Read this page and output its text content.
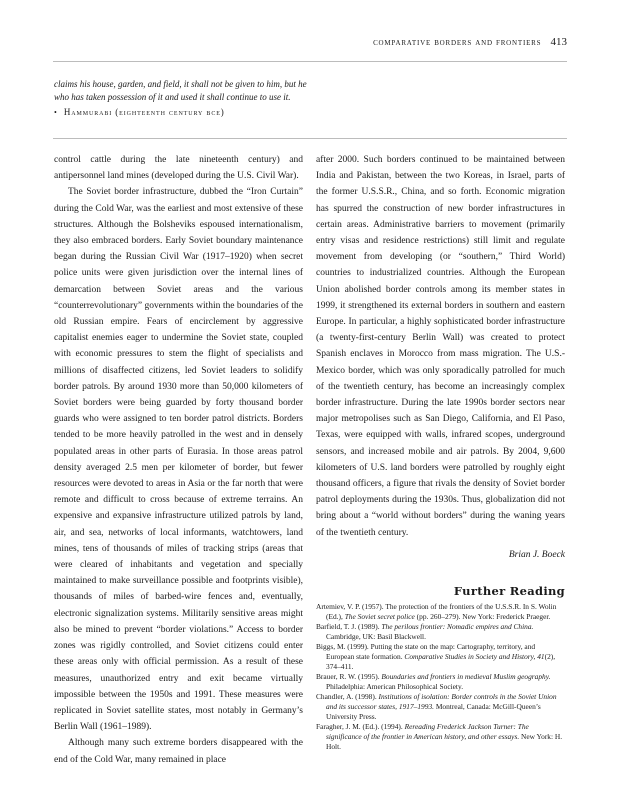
comparative borders and frontiers 413
claims his house, garden, and field, it shall not be given to him, but he
who has taken possession of it and used it shall continue to use it.
• Hammurabi (eighteenth century bce)

control cattle during the late nineteenth century) and antipersonnel land mines (developed during the U.S. Civil War).

The Soviet border infrastructure, dubbed the “Iron Curtain” during the Cold War, was the earliest and most extensive of these structures. Although the Bolsheviks espoused internationalism, they also embraced borders. Early Soviet boundary maintenance began during the Russian Civil War (1917–1920) when secret police units were given jurisdiction over the internal lines of demarcation between Soviet areas and the various “counterrevolutionary” governments within the boundaries of the old Russian empire. Fears of encirclement by aggressive capitalist enemies eager to undermine the Soviet state, coupled with economic pressures to stem the flight of specialists and millions of disaffected citizens, led Soviet leaders to solidify border patrols. By around 1930 more than 50,000 kilometers of Soviet borders were being guarded by forty thousand border guards who were assigned to ten border patrol districts. Borders tended to be more heavily patrolled in the west and in densely populated areas in other parts of Eurasia. In those areas patrol density averaged 2.5 men per kilometer of border, but fewer resources were devoted to areas in Asia or the far north that were remote and difficult to cross because of extreme terrains. An expensive and expansive infrastructure utilized patrols by land, air, and sea, networks of local informants, watchtowers, land mines, tens of thousands of miles of tracking strips (areas that were cleared of inhabitants and vegetation and specially maintained to make surveillance possible and footprints visible), thousands of miles of barbed-wire fences and, eventually, electronic signalization systems. Militarily sensitive areas might also be mined to prevent “border violations.” Access to border zones was rigidly controlled, and Soviet citizens could enter these areas only with official permission. As a result of these measures, unauthorized entry and exit became virtually impossible between the 1950s and 1991. These measures were replicated in Soviet satellite states, most notably in Germany’s Berlin Wall (1961–1989).

Although many such extreme borders disappeared with the end of the Cold War, many remained in place

after 2000. Such borders continued to be maintained between India and Pakistan, between the two Koreas, in Israel, parts of the former U.S.S.R., China, and so forth. Economic migration has spurred the construction of new border infrastructures in certain areas. Administrative barriers to movement (primarily entry visas and residence restrictions) still limit and regulate movement from developing (or “southern,” Third World) countries to industrialized countries. Although the European Union abolished border controls among its member states in 1999, it strengthened its external borders in southern and eastern Europe. In particular, a highly sophisticated border infrastructure (a twenty-first-century Berlin Wall) was created to protect Spanish enclaves in Morocco from mass migration. The U.S.-Mexico border, which was only sporadically patrolled for much of the twentieth century, has become an increasingly complex border infrastructure. During the late 1990s border sectors near major metropolises such as San Diego, California, and El Paso, Texas, were equipped with walls, infrared scopes, underground sensors, and increased mobile and air patrols. By 2004, 9,600 kilometers of U.S. land borders were patrolled by roughly eight thousand officers, a figure that rivals the density of Soviet border patrol deployments during the 1930s. Thus, globalization did not bring about a “world without borders” during the waning years of the twentieth century.

Brian J. Boeck
Further Reading

Artemiev, V. P. (1957). The protection of the frontiers of the U.S.S.R. In S. Wolin (Ed.), The Soviet secret police (pp. 260–279). New York: Frederick Praeger.

Barfield, T. J. (1989). The perilous frontier: Nomadic empires and China. Cambridge, UK: Basil Blackwell.

Biggs, M. (1999). Putting the state on the map: Cartography, territory, and European state formation. Comparative Studies in Society and History, 41(2), 374–411.

Brauer, R. W. (1995). Boundaries and frontiers in medieval Muslim geography. Philadelphia: American Philosophical Society.

Chandler, A. (1998). Institutions of isolation: Border controls in the Soviet Union and its successor states, 1917–1993. Montreal, Canada: McGill-Queen’s University Press.

Faragher, J. M. (Ed.). (1994). Rereading Frederick Jackson Turner: The significance of the frontier in American history, and other essays. New York: H. Holt.
